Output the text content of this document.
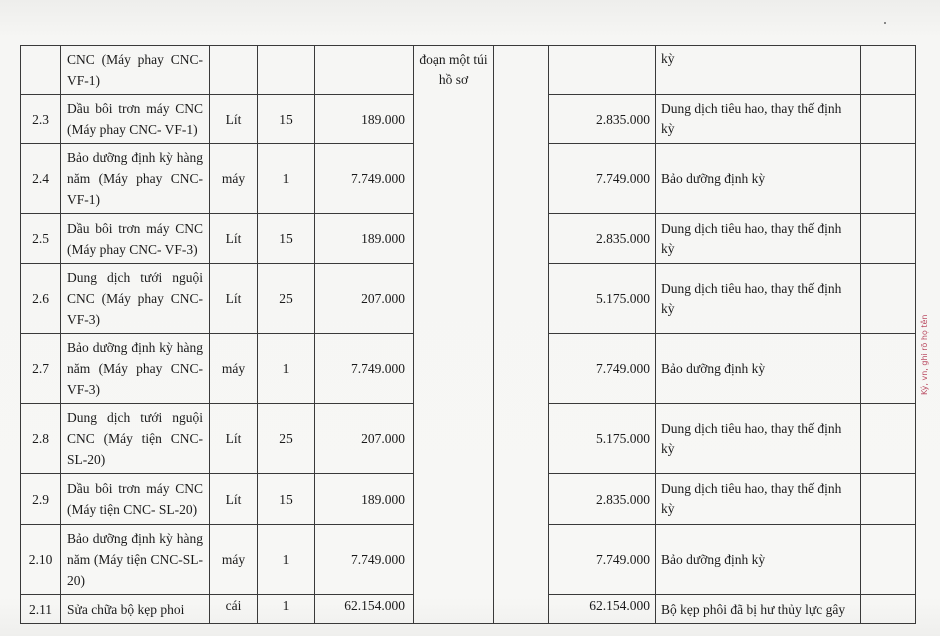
	CNC (Máy phay CNC-VF-1)				đoạn một túi hồ sơ			kỳ	
2.3	Dầu bôi trơn máy CNC (Máy phay CNC- VF-1)	Lít	15	189.000			2.835.000	Dung dịch tiêu hao, thay thế định kỳ	
2.4	Bảo dưỡng định kỳ hàng năm (Máy phay CNC-VF-1)	máy	1	7.749.000			7.749.000	Bảo dưỡng định kỳ	
2.5	Dầu bôi trơn máy CNC (Máy phay CNC- VF-3)	Lít	15	189.000			2.835.000	Dung dịch tiêu hao, thay thế định kỳ	
2.6	Dung dịch tưới nguội CNC (Máy phay CNC-VF-3)	Lít	25	207.000			5.175.000	Dung dịch tiêu hao, thay thế định kỳ	
2.7	Bảo dưỡng định kỳ hàng năm (Máy phay CNC-VF-3)	máy	1	7.749.000			7.749.000	Bảo dưỡng định kỳ	
2.8	Dung dịch tưới nguội CNC (Máy tiện CNC-SL-20)	Lít	25	207.000			5.175.000	Dung dịch tiêu hao, thay thế định kỳ	
2.9	Dầu bôi trơn máy CNC (Máy tiện CNC- SL-20)	Lít	15	189.000			2.835.000	Dung dịch tiêu hao, thay thế định kỳ	
2.10	Bảo dưỡng định kỳ hàng năm (Máy tiện CNC-SL-20)	máy	1	7.749.000			7.749.000	Bảo dưỡng định kỳ	
2.11	Sửa chữa bộ kẹp phoi	cái	1	62.154.000			62.154.000	Bộ kẹp phôi đã bị hư thủy lực gây	
Ký, vn, ghi rõ họ tên
